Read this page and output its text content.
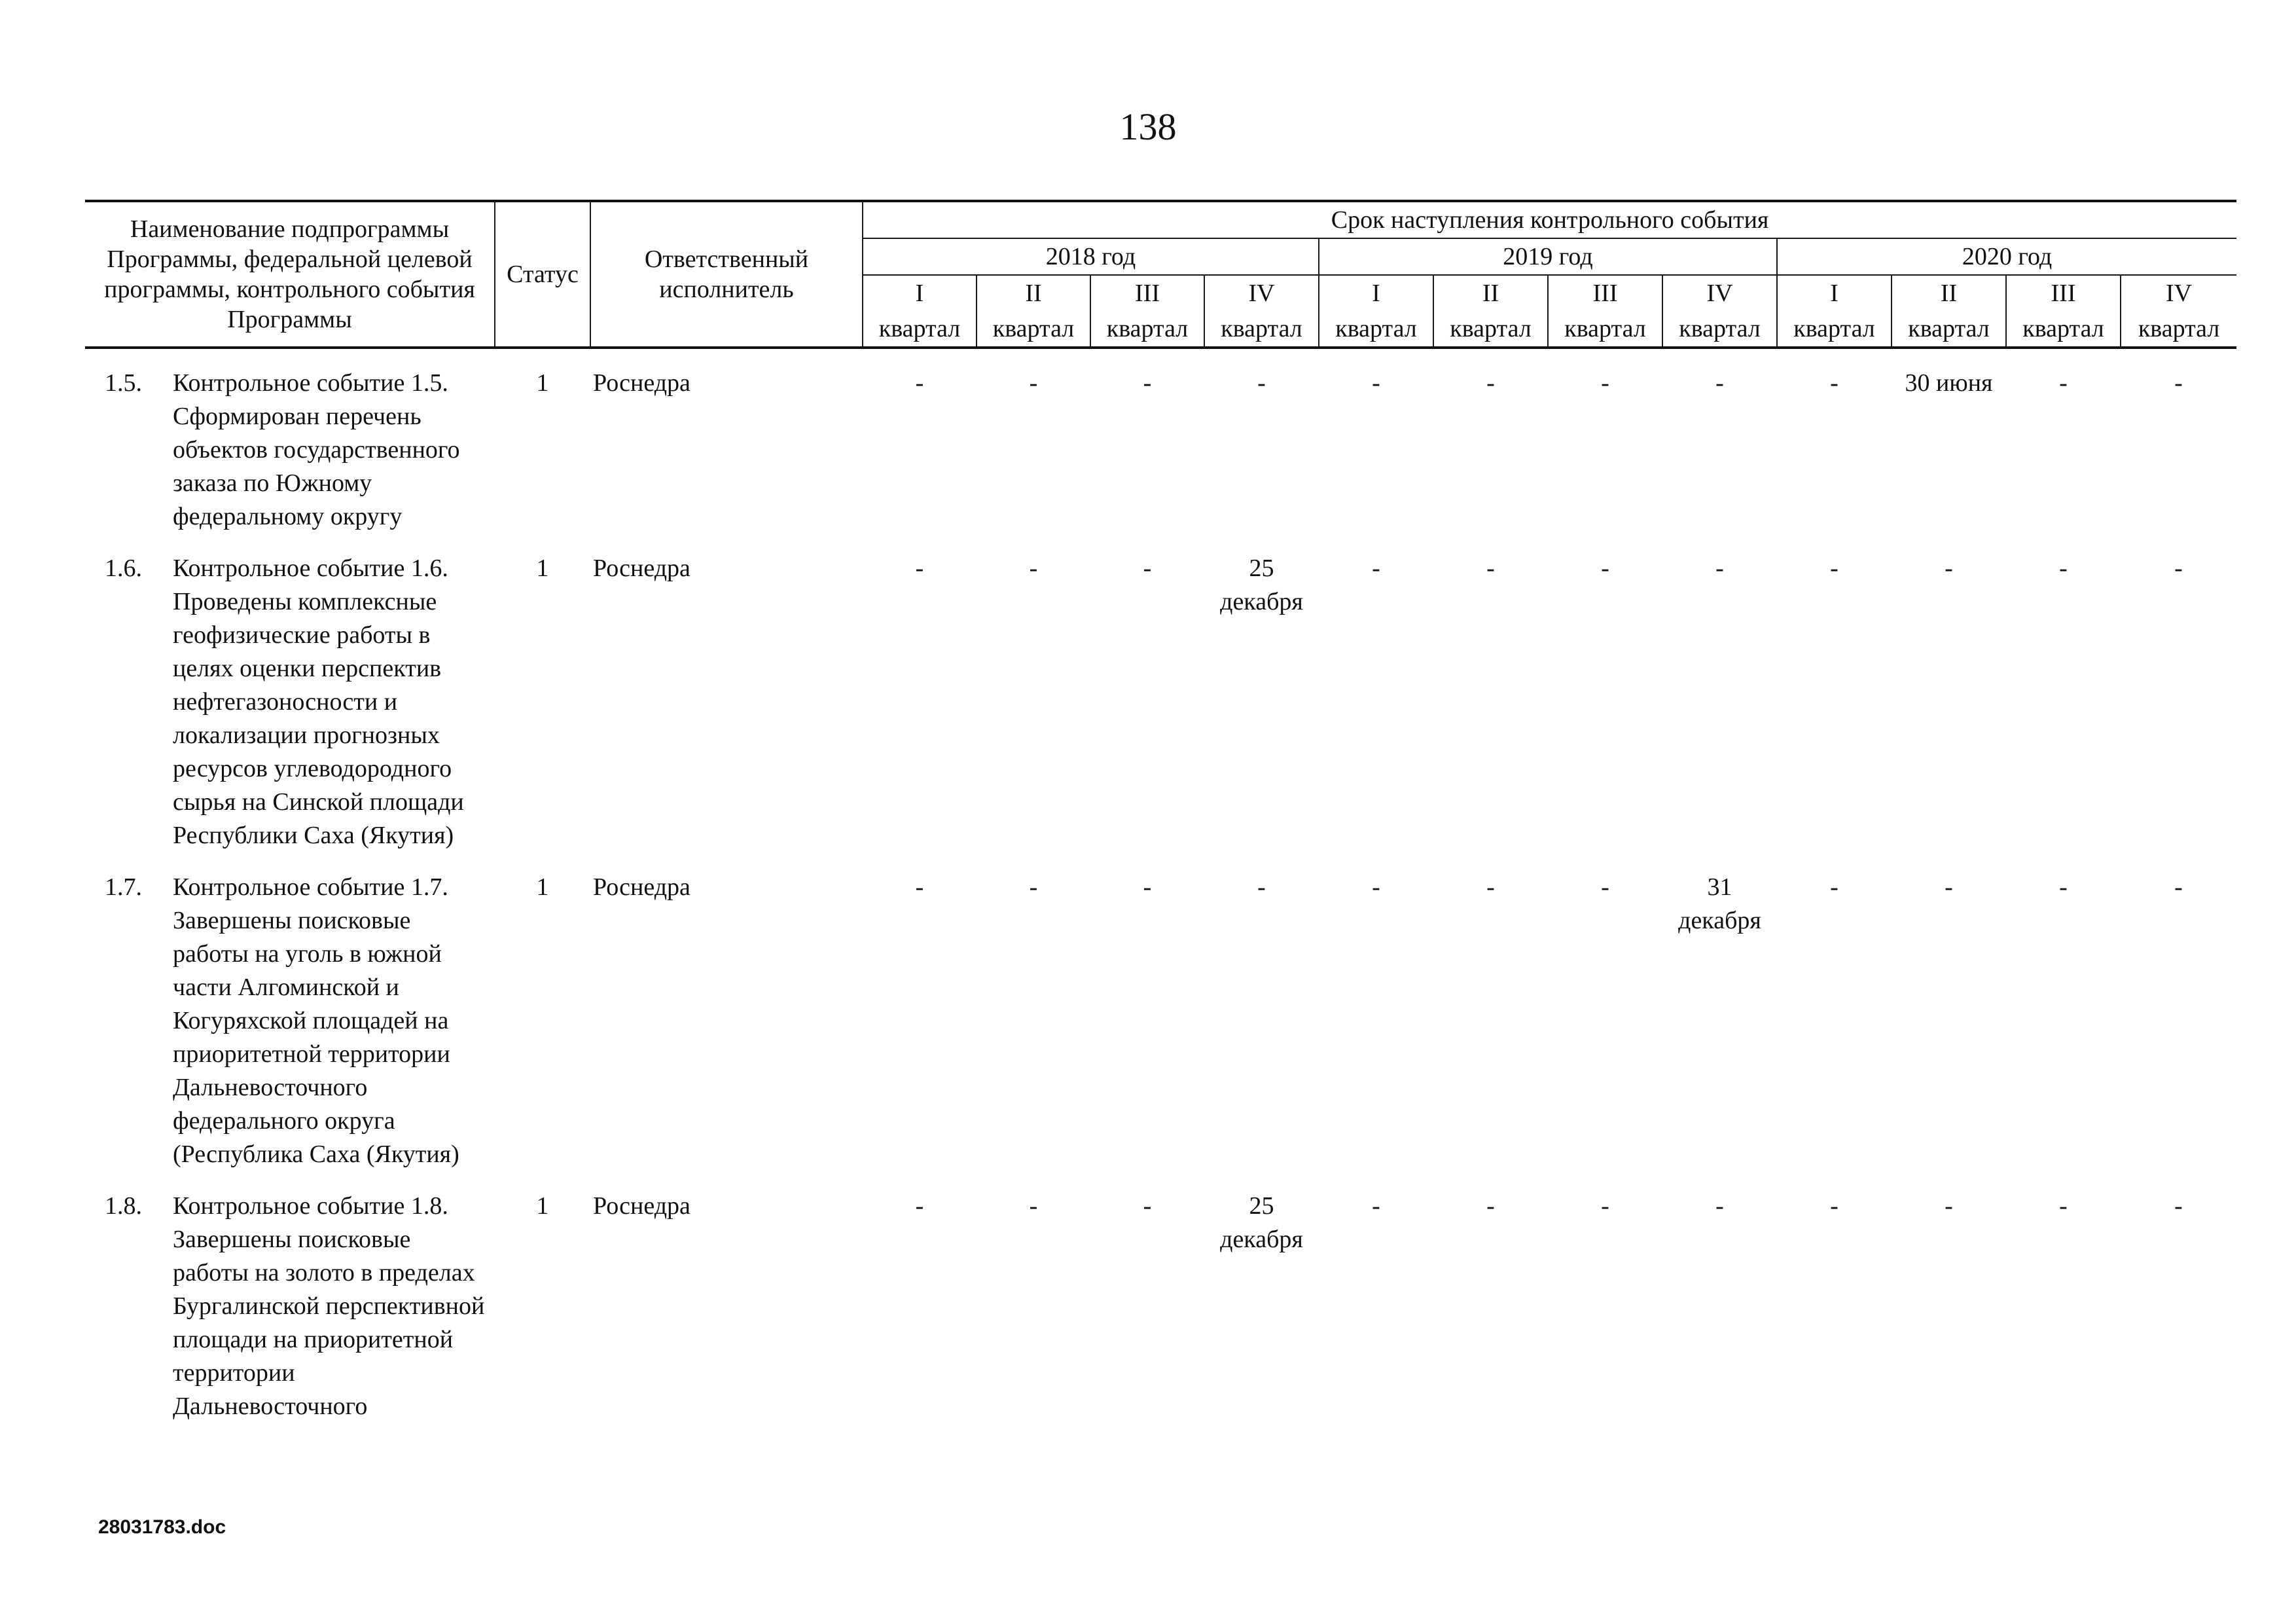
138
Наименование подпрограммы Программы, федеральной целевой программы, контрольного события Программы	Статус	Ответственный исполнитель	Срок наступления контрольного события											
			2018 год				2019 год				2020 год			
			I	II	III	IV	I	II	III	IV	I	II	III	IV
			квартал	квартал	квартал	квартал	квартал	квартал	квартал	квартал	квартал	квартал	квартал	квартал
1.5.	Контрольное событие 1.5. Сформирован перечень объектов государственного заказа по Южному федеральному округу	1	Роснедра	-	-	-	-	-	-	-	-	-	30 июня	-	-
1.6.	Контрольное событие 1.6. Проведены комплексные геофизические работы в целях оценки перспектив нефтегазоносности и локализации прогнозных ресурсов углеводородного сырья на Синской площади Республики Саха (Якутия)	1	Роснедра	-	-	-	25 декабря	-	-	-	-	-	-	-	-
1.7.	Контрольное событие 1.7. Завершены поисковые работы на уголь в южной части Алгоминской и Когуряхской площадей на приоритетной территории Дальневосточного федерального округа (Республика Саха (Якутия)	1	Роснедра	-	-	-	-	-	-	-	31 декабря	-	-	-	-
1.8.	Контрольное событие 1.8. Завершены поисковые работы на золото в пределах Бургалинской перспективной площади на приоритетной территории Дальневосточного	1	Роснедра	-	-	-	25 декабря	-	-	-	-	-	-	-	-
28031783.doc
